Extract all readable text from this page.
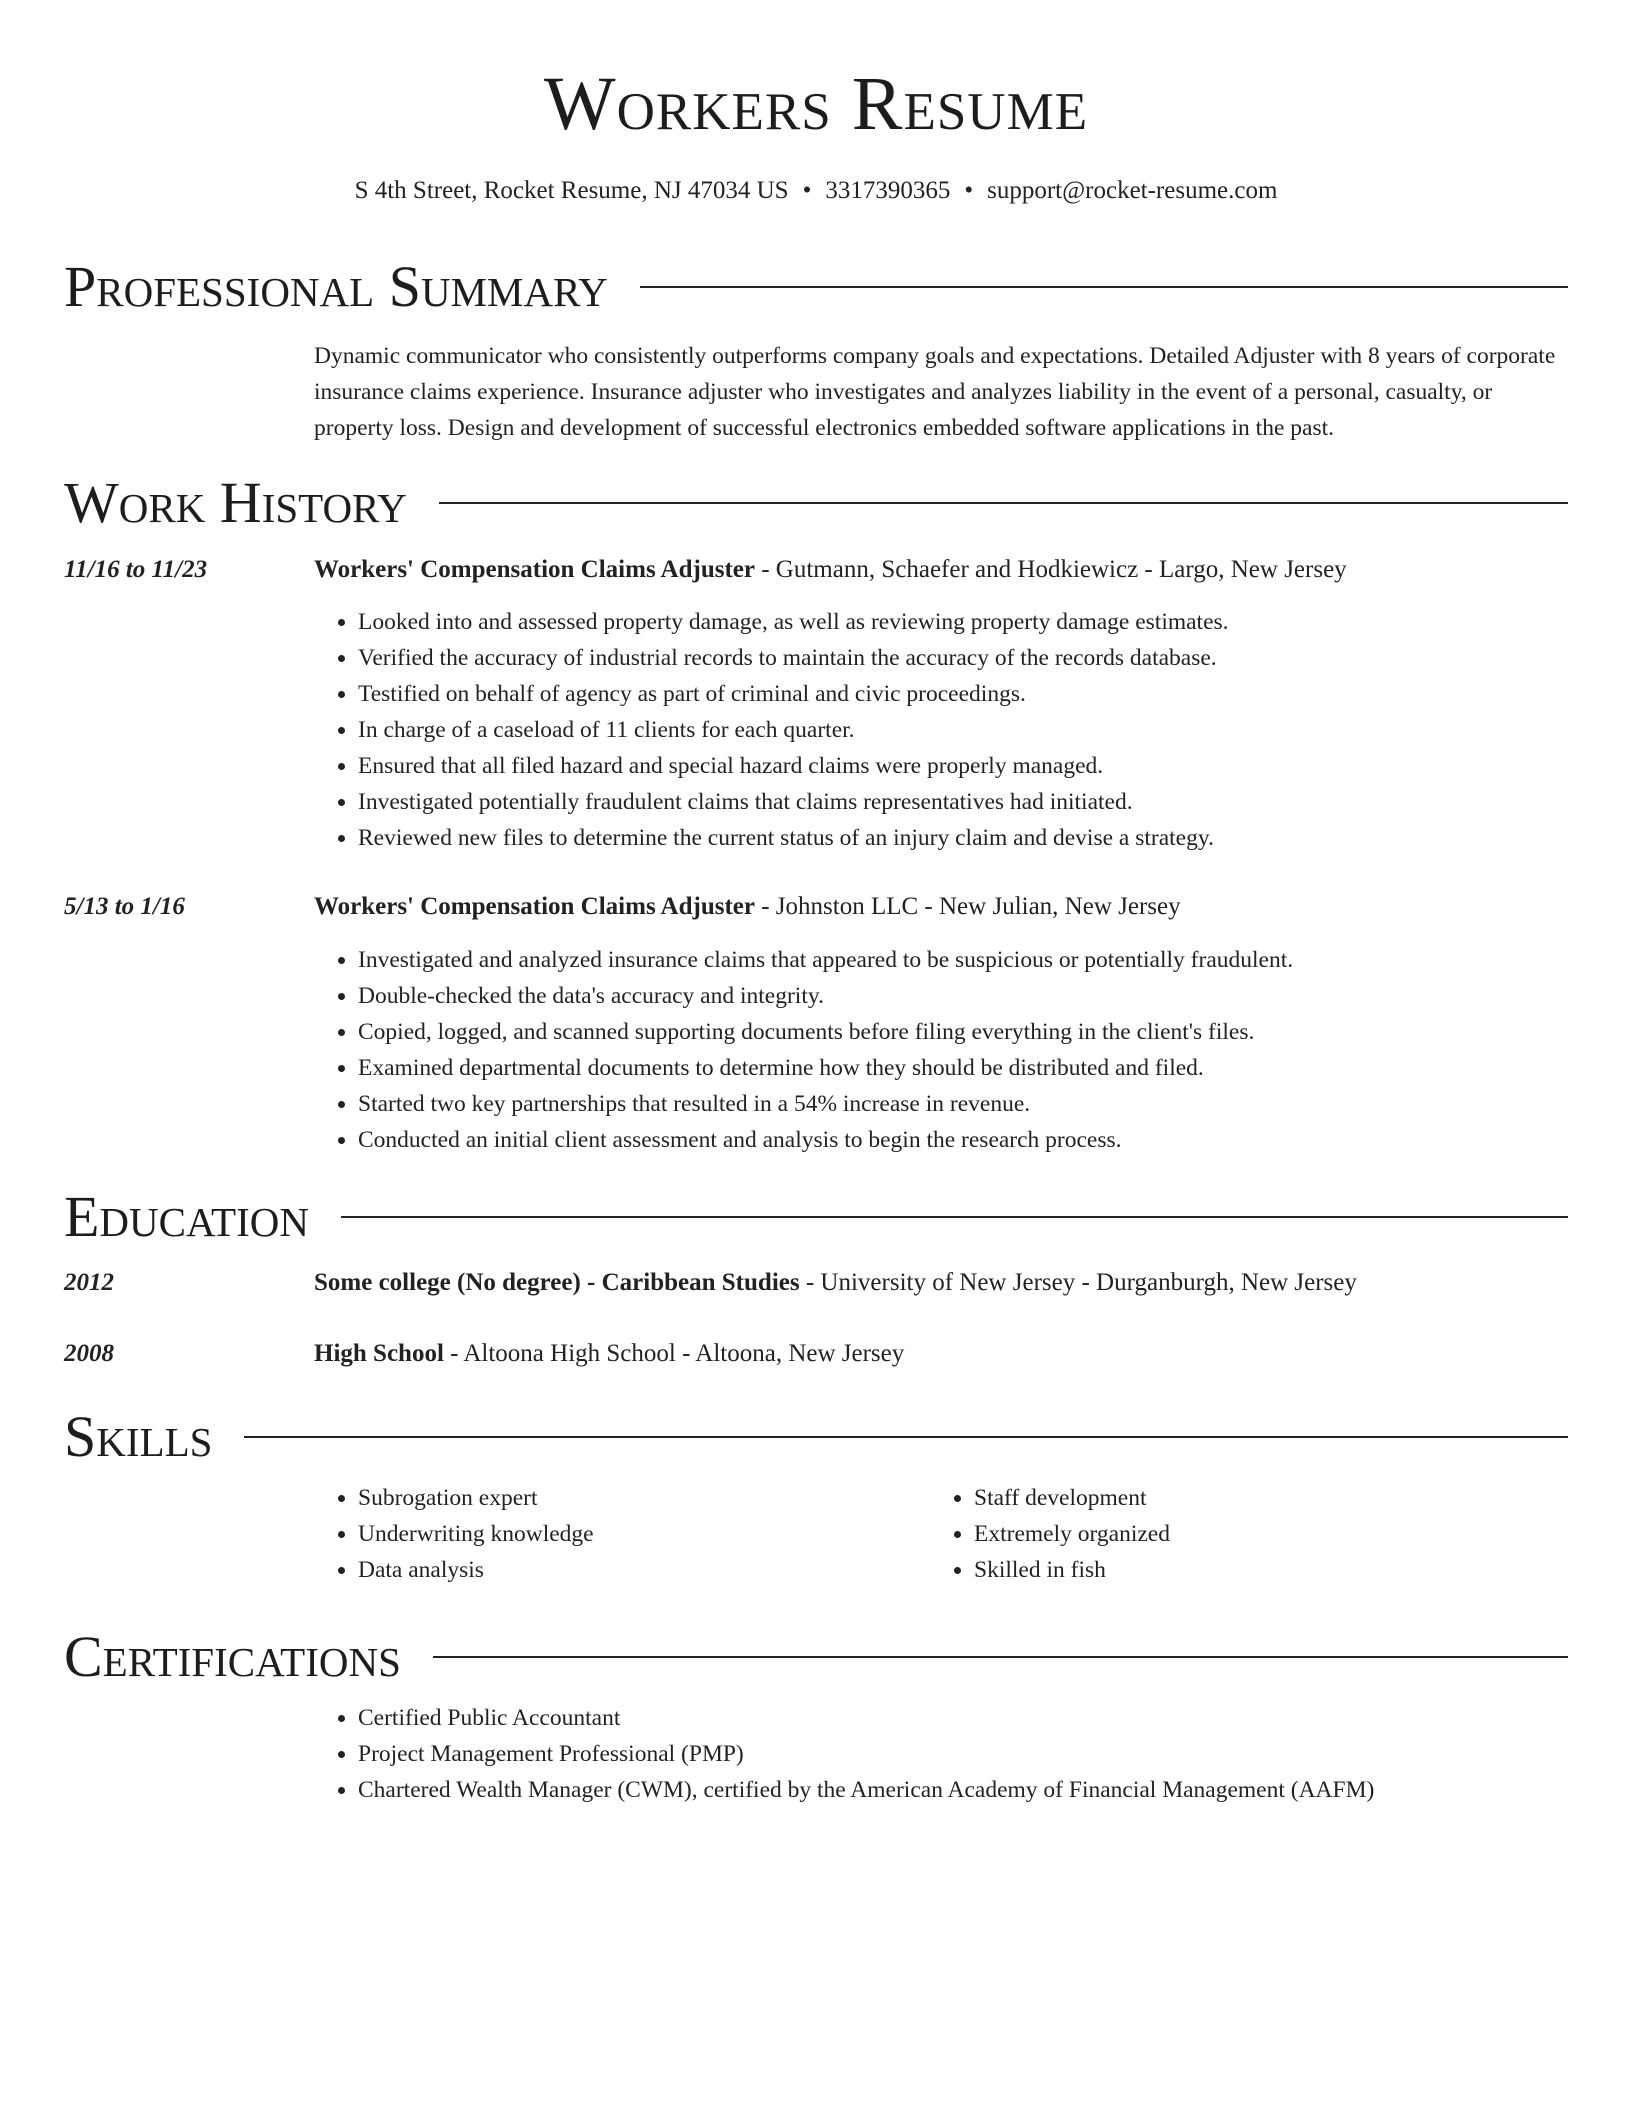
Workers Resume
S 4th Street, Rocket Resume, NJ 47034 US • 3317390365 • support@rocket-resume.com
Professional Summary
Dynamic communicator who consistently outperforms company goals and expectations. Detailed Adjuster with 8 years of corporate insurance claims experience. Insurance adjuster who investigates and analyzes liability in the event of a personal, casualty, or property loss. Design and development of successful electronics embedded software applications in the past.
Work History
11/16 to 11/23	Workers' Compensation Claims Adjuster - Gutmann, Schaefer and Hodkiewicz - Largo, New Jersey
• Looked into and assessed property damage, as well as reviewing property damage estimates.
• Verified the accuracy of industrial records to maintain the accuracy of the records database.
• Testified on behalf of agency as part of criminal and civic proceedings.
• In charge of a caseload of 11 clients for each quarter.
• Ensured that all filed hazard and special hazard claims were properly managed.
• Investigated potentially fraudulent claims that claims representatives had initiated.
• Reviewed new files to determine the current status of an injury claim and devise a strategy.
5/13 to 1/16	Workers' Compensation Claims Adjuster - Johnston LLC - New Julian, New Jersey
• Investigated and analyzed insurance claims that appeared to be suspicious or potentially fraudulent.
• Double-checked the data's accuracy and integrity.
• Copied, logged, and scanned supporting documents before filing everything in the client's files.
• Examined departmental documents to determine how they should be distributed and filed.
• Started two key partnerships that resulted in a 54% increase in revenue.
• Conducted an initial client assessment and analysis to begin the research process.
Education
2012	Some college (No degree) - Caribbean Studies - University of New Jersey - Durganburgh, New Jersey
2008	High School - Altoona High School - Altoona, New Jersey
Skills
• Subrogation expert
• Underwriting knowledge
• Data analysis
• Staff development
• Extremely organized
• Skilled in fish
Certifications
• Certified Public Accountant
• Project Management Professional (PMP)
• Chartered Wealth Manager (CWM), certified by the American Academy of Financial Management (AAFM)
